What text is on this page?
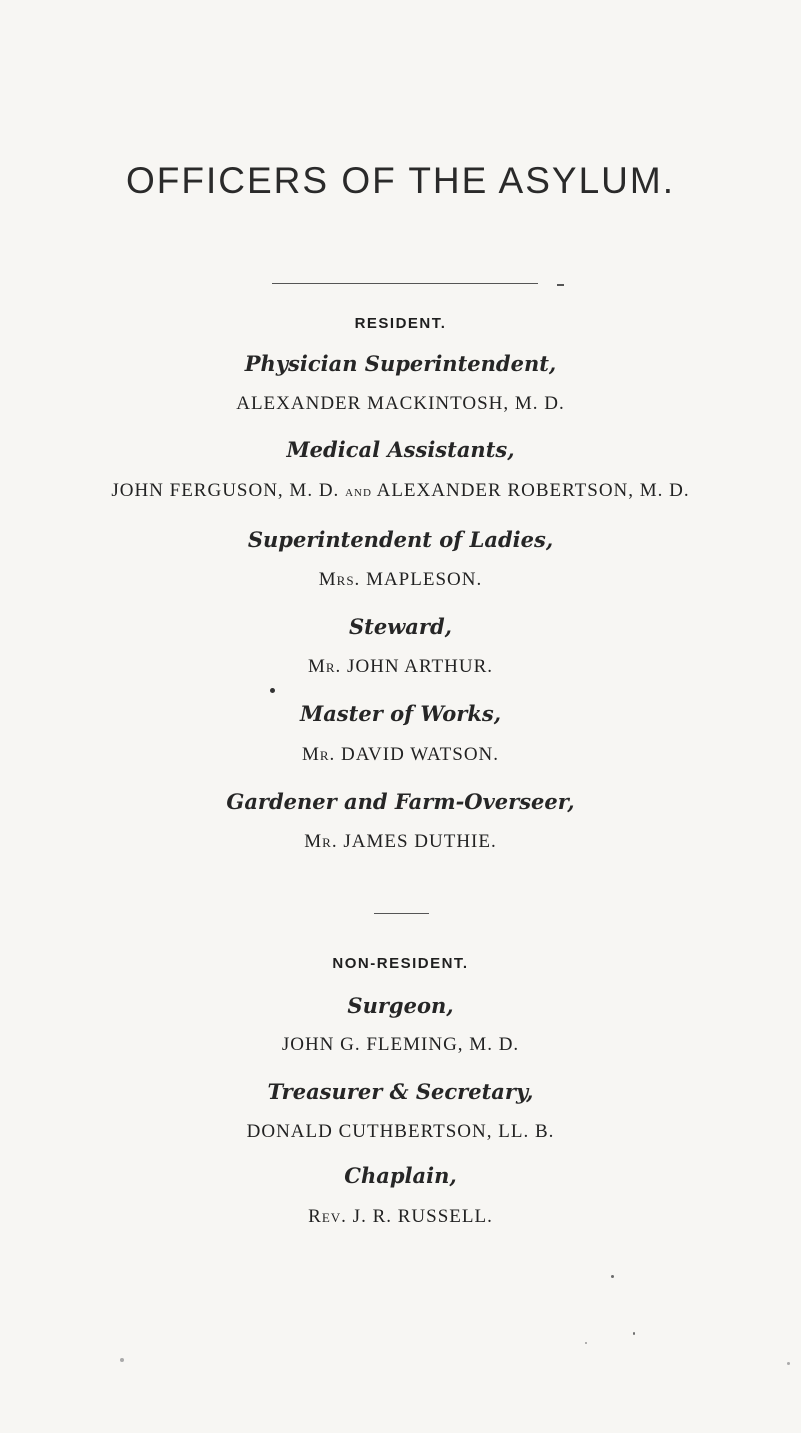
OFFICERS OF THE ASYLUM.
RESIDENT.
Physician Superintendent,
ALEXANDER MACKINTOSH, M. D.
Medical Assistants,
JOHN FERGUSON, M. D. and ALEXANDER ROBERTSON, M. D.
Superintendent of Ladies,
Mrs. MAPLESON.
Steward,
Mr. JOHN ARTHUR.
Master of Works,
Mr. DAVID WATSON.
Gardener and Farm-Overseer,
Mr. JAMES DUTHIE.
NON-RESIDENT.
Surgeon,
JOHN G. FLEMING, M. D.
Treasurer & Secretary,
DONALD CUTHBERTSON, LL. B.
Chaplain,
Rev. J. R. RUSSELL.
